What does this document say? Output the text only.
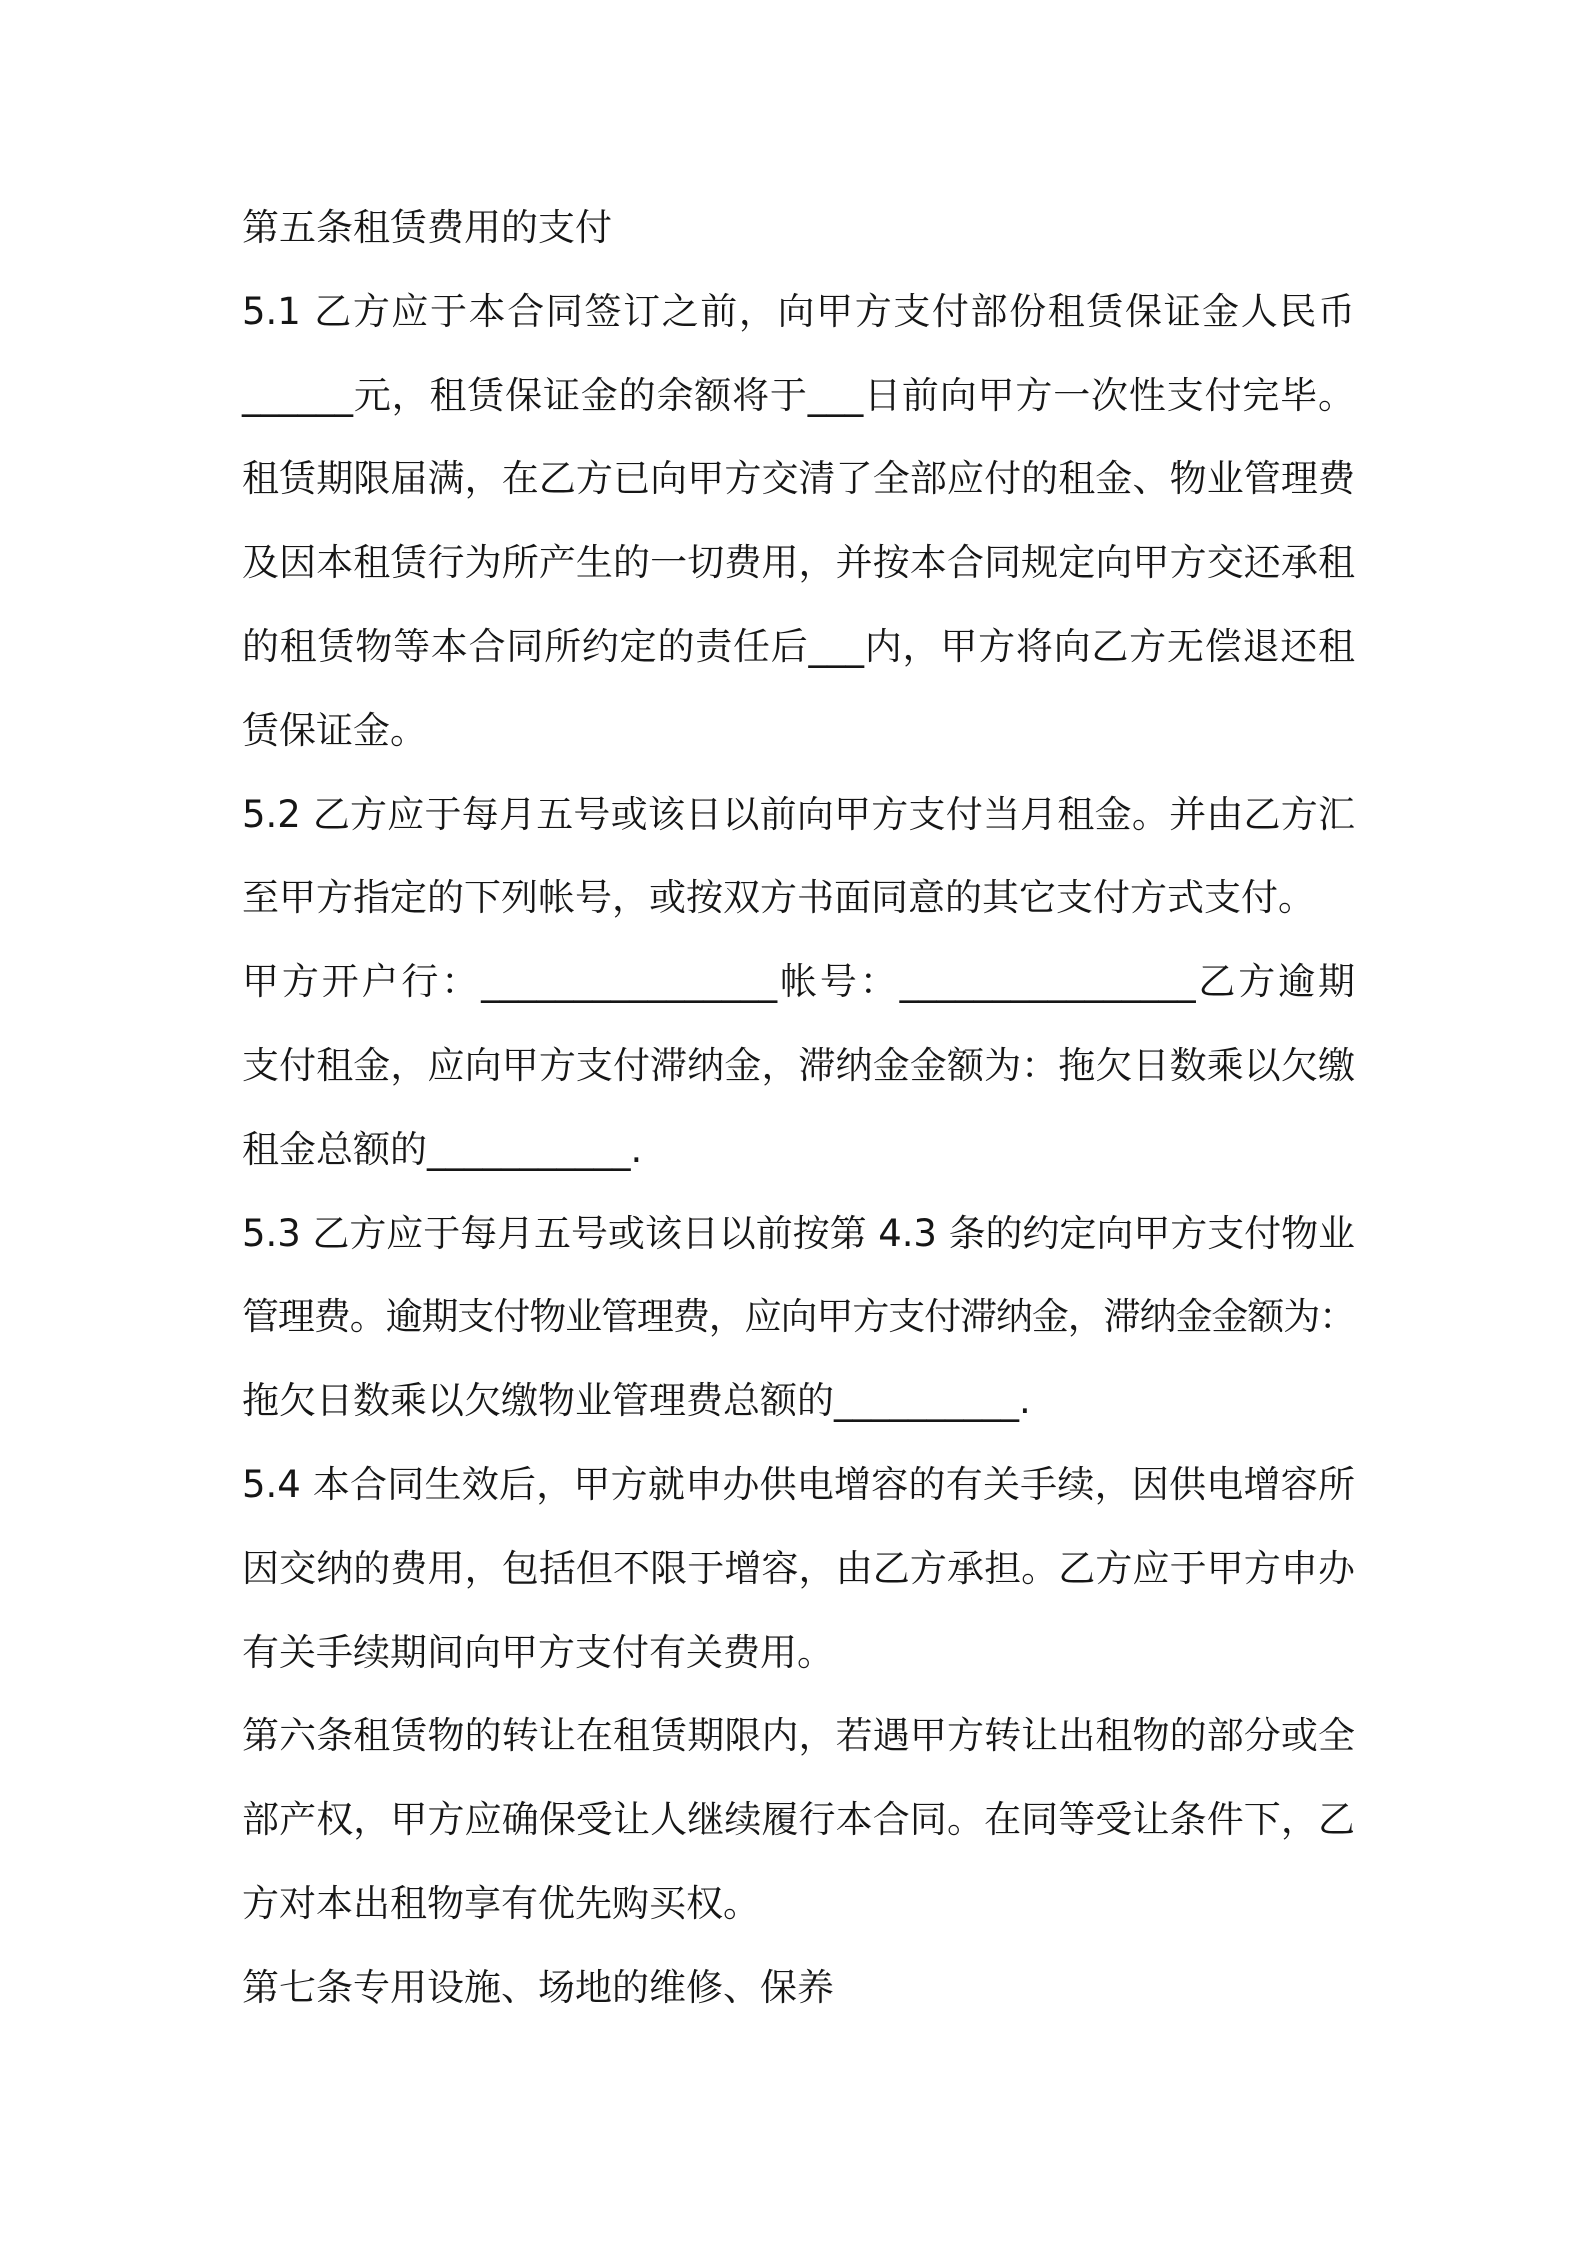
第五条租赁费用的支付
5.1 乙方应于本合同签订之前，向甲方支付部份租赁保证金人民币
______元，租赁保证金的余额将于___日前向甲方一次性支付完毕。
租赁期限届满，在乙方已向甲方交清了全部应付的租金、物业管理费
及因本租赁行为所产生的一切费用，并按本合同规定向甲方交还承租
的租赁物等本合同所约定的责任后___内，甲方将向乙方无偿退还租
赁保证金。
5.2 乙方应于每月五号或该日以前向甲方支付当月租金。并由乙方汇
至甲方指定的下列帐号，或按双方书面同意的其它支付方式支付。
甲方开户行：________________帐号：________________乙方逾期
支付租金，应向甲方支付滞纳金，滞纳金金额为：拖欠日数乘以欠缴
租金总额的___________.
5.3 乙方应于每月五号或该日以前按第 4.3 条的约定向甲方支付物业
管理费。逾期支付物业管理费，应向甲方支付滞纳金，滞纳金金额为：
拖欠日数乘以欠缴物业管理费总额的__________.
5.4 本合同生效后，甲方就申办供电增容的有关手续，因供电增容所
因交纳的费用，包括但不限于增容，由乙方承担。乙方应于甲方申办
有关手续期间向甲方支付有关费用。
第六条租赁物的转让在租赁期限内，若遇甲方转让出租物的部分或全
部产权，甲方应确保受让人继续履行本合同。在同等受让条件下，乙
方对本出租物享有优先购买权。
第七条专用设施、场地的维修、保养
